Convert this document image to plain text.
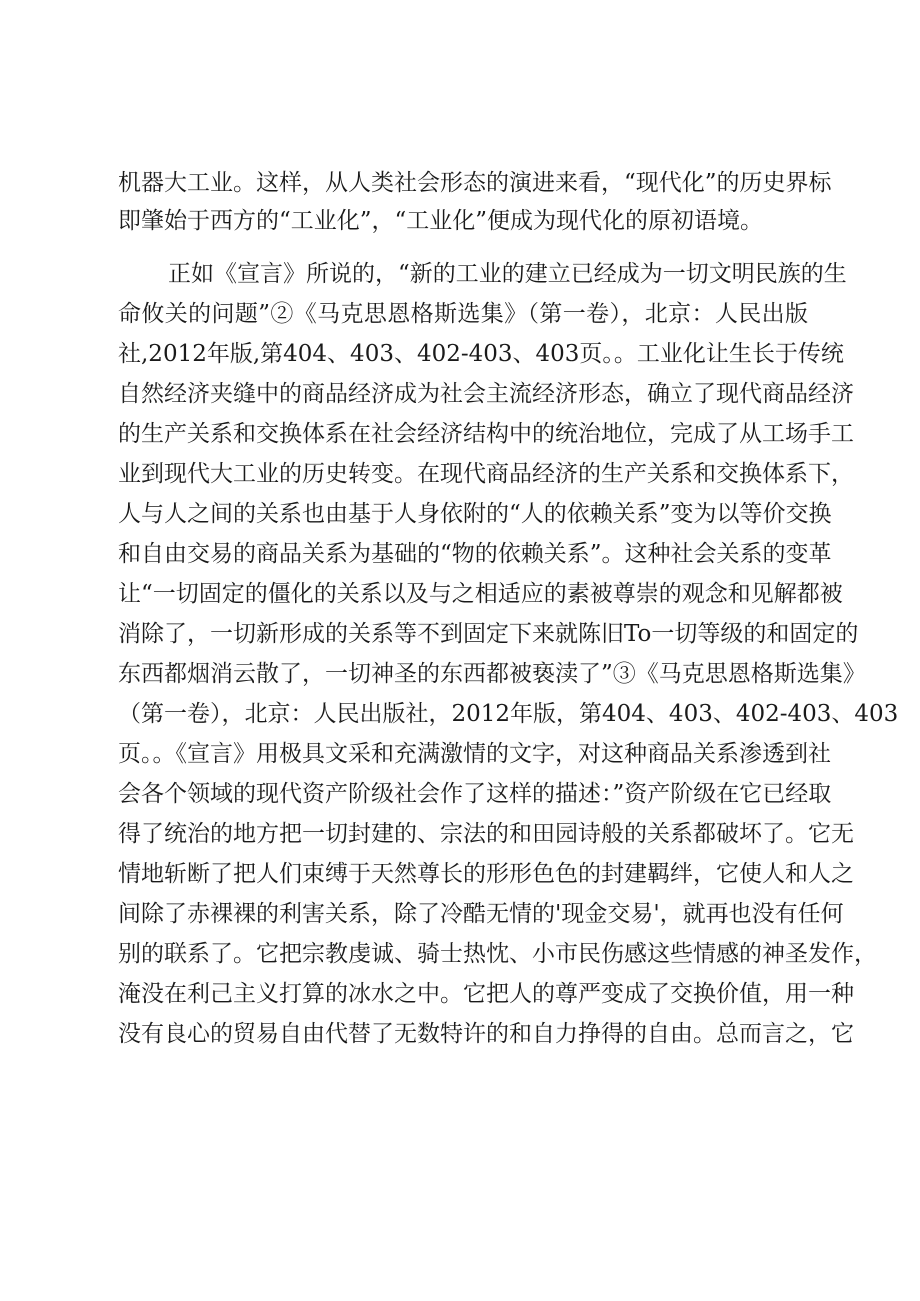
机器大工业。这样，从人类社会形态的演进来看，“现代化”的历史界标
即肇始于西方的“工业化”，“工业化”便成为现代化的原初语境。
正如《宣言》所说的，“新的工业的建立已经成为一切文明民族的生
命攸关的问题”②《马克思恩格斯选集》（第一卷），北京：人民出版
社,2012年版,第404、403、402-403、403页。。工业化让生长于传统
自然经济夹缝中的商品经济成为社会主流经济形态，确立了现代商品经济
的生产关系和交换体系在社会经济结构中的统治地位，完成了从工场手工
业到现代大工业的历史转变。在现代商品经济的生产关系和交换体系下，
人与人之间的关系也由基于人身依附的“人的依赖关系”变为以等价交换
和自由交易的商品关系为基础的“物的依赖关系”。这种社会关系的变革
让“一切固定的僵化的关系以及与之相适应的素被尊崇的观念和见解都被
消除了，一切新形成的关系等不到固定下来就陈旧To一切等级的和固定的
东西都烟消云散了，一切神圣的东西都被亵渎了”③《马克思恩格斯选集》
（第一卷），北京：人民出版社，2012年版，第404、403、402-403、403
页。。《宣言》用极具文采和充满激情的文字，对这种商品关系渗透到社
会各个领域的现代资产阶级社会作了这样的描述：”资产阶级在它已经取
得了统治的地方把一切封建的、宗法的和田园诗般的关系都破坏了。它无
情地斩断了把人们束缚于天然尊长的形形色色的封建羁绊，它使人和人之
间除了赤裸裸的利害关系，除了冷酷无情的'现金交易'，就再也没有任何
别的联系了。它把宗教虔诚、骑士热忱、小市民伤感这些情感的神圣发作，
淹没在利己主义打算的冰水之中。它把人的尊严变成了交换价值，用一种
没有良心的贸易自由代替了无数特许的和自力挣得的自由。总而言之，它
